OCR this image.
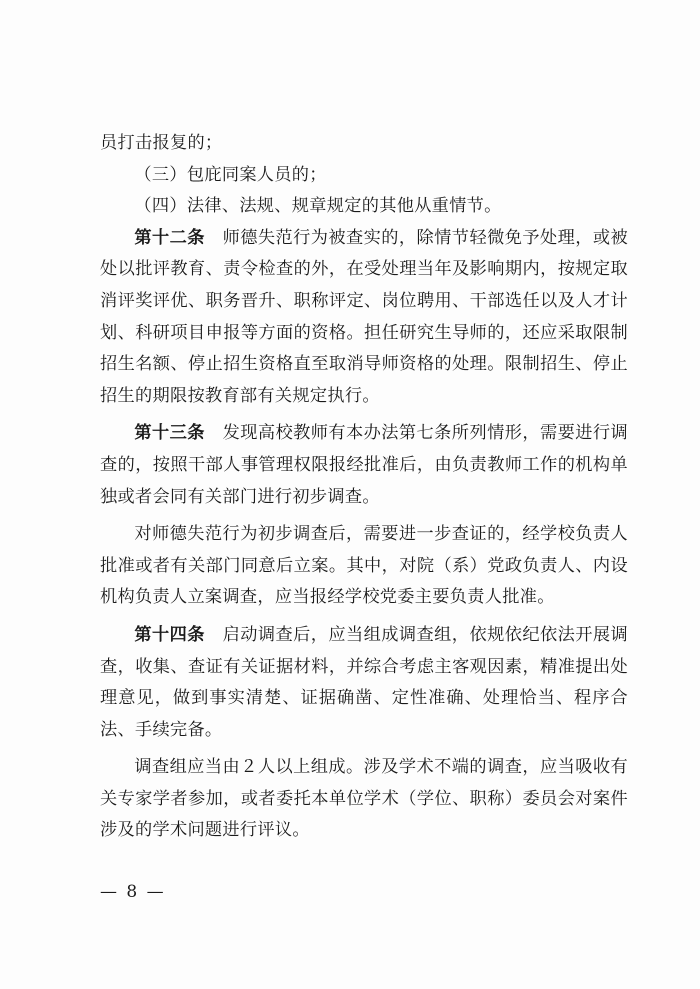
员打击报复的；

（三）包庇同案人员的；

（四）法律、法规、规章规定的其他从重情节。

第十二条　 师德失范行为被查实的，除情节轻微免予处理，或被处以批评教育、责令检查的外，在受处理当年及影响期内，按规定取消评奖评优、职务晋升、职称评定、岗位聘用、干部选任以及人才计划、科研项目申报等方面的资格。担任研究生导师的，还应采取限制招生名额、停止招生资格直至取消导师资格的处理。限制招生、停止招生的期限按教育部有关规定执行。

第十三条　 发现高校教师有本办法第七条所列情形，需要进行调查的，按照干部人事管理权限报经批准后，由负责教师工作的机构单独或者会同有关部门进行初步调查。

对师德失范行为初步调查后，需要进一步查证的，经学校负责人批准或者有关部门同意后立案。其中，对院（系）党政负责人、内设机构负责人立案调查，应当报经学校党委主要负责人批准。

第十四条　 启动调查后，应当组成调查组，依规依纪依法开展调查，收集、查证有关证据材料，并综合考虑主客观因素，精准提出处理意见，做到事实清楚、证据确凿、定性准确、处理恰当、程序合法、手续完备。

调查组应当由２人以上组成。涉及学术不端的调查，应当吸收有关专家学者参加，或者委托本单位学术（学位、职称）委员会对案件涉及的学术问题进行评议。

— 8 —
